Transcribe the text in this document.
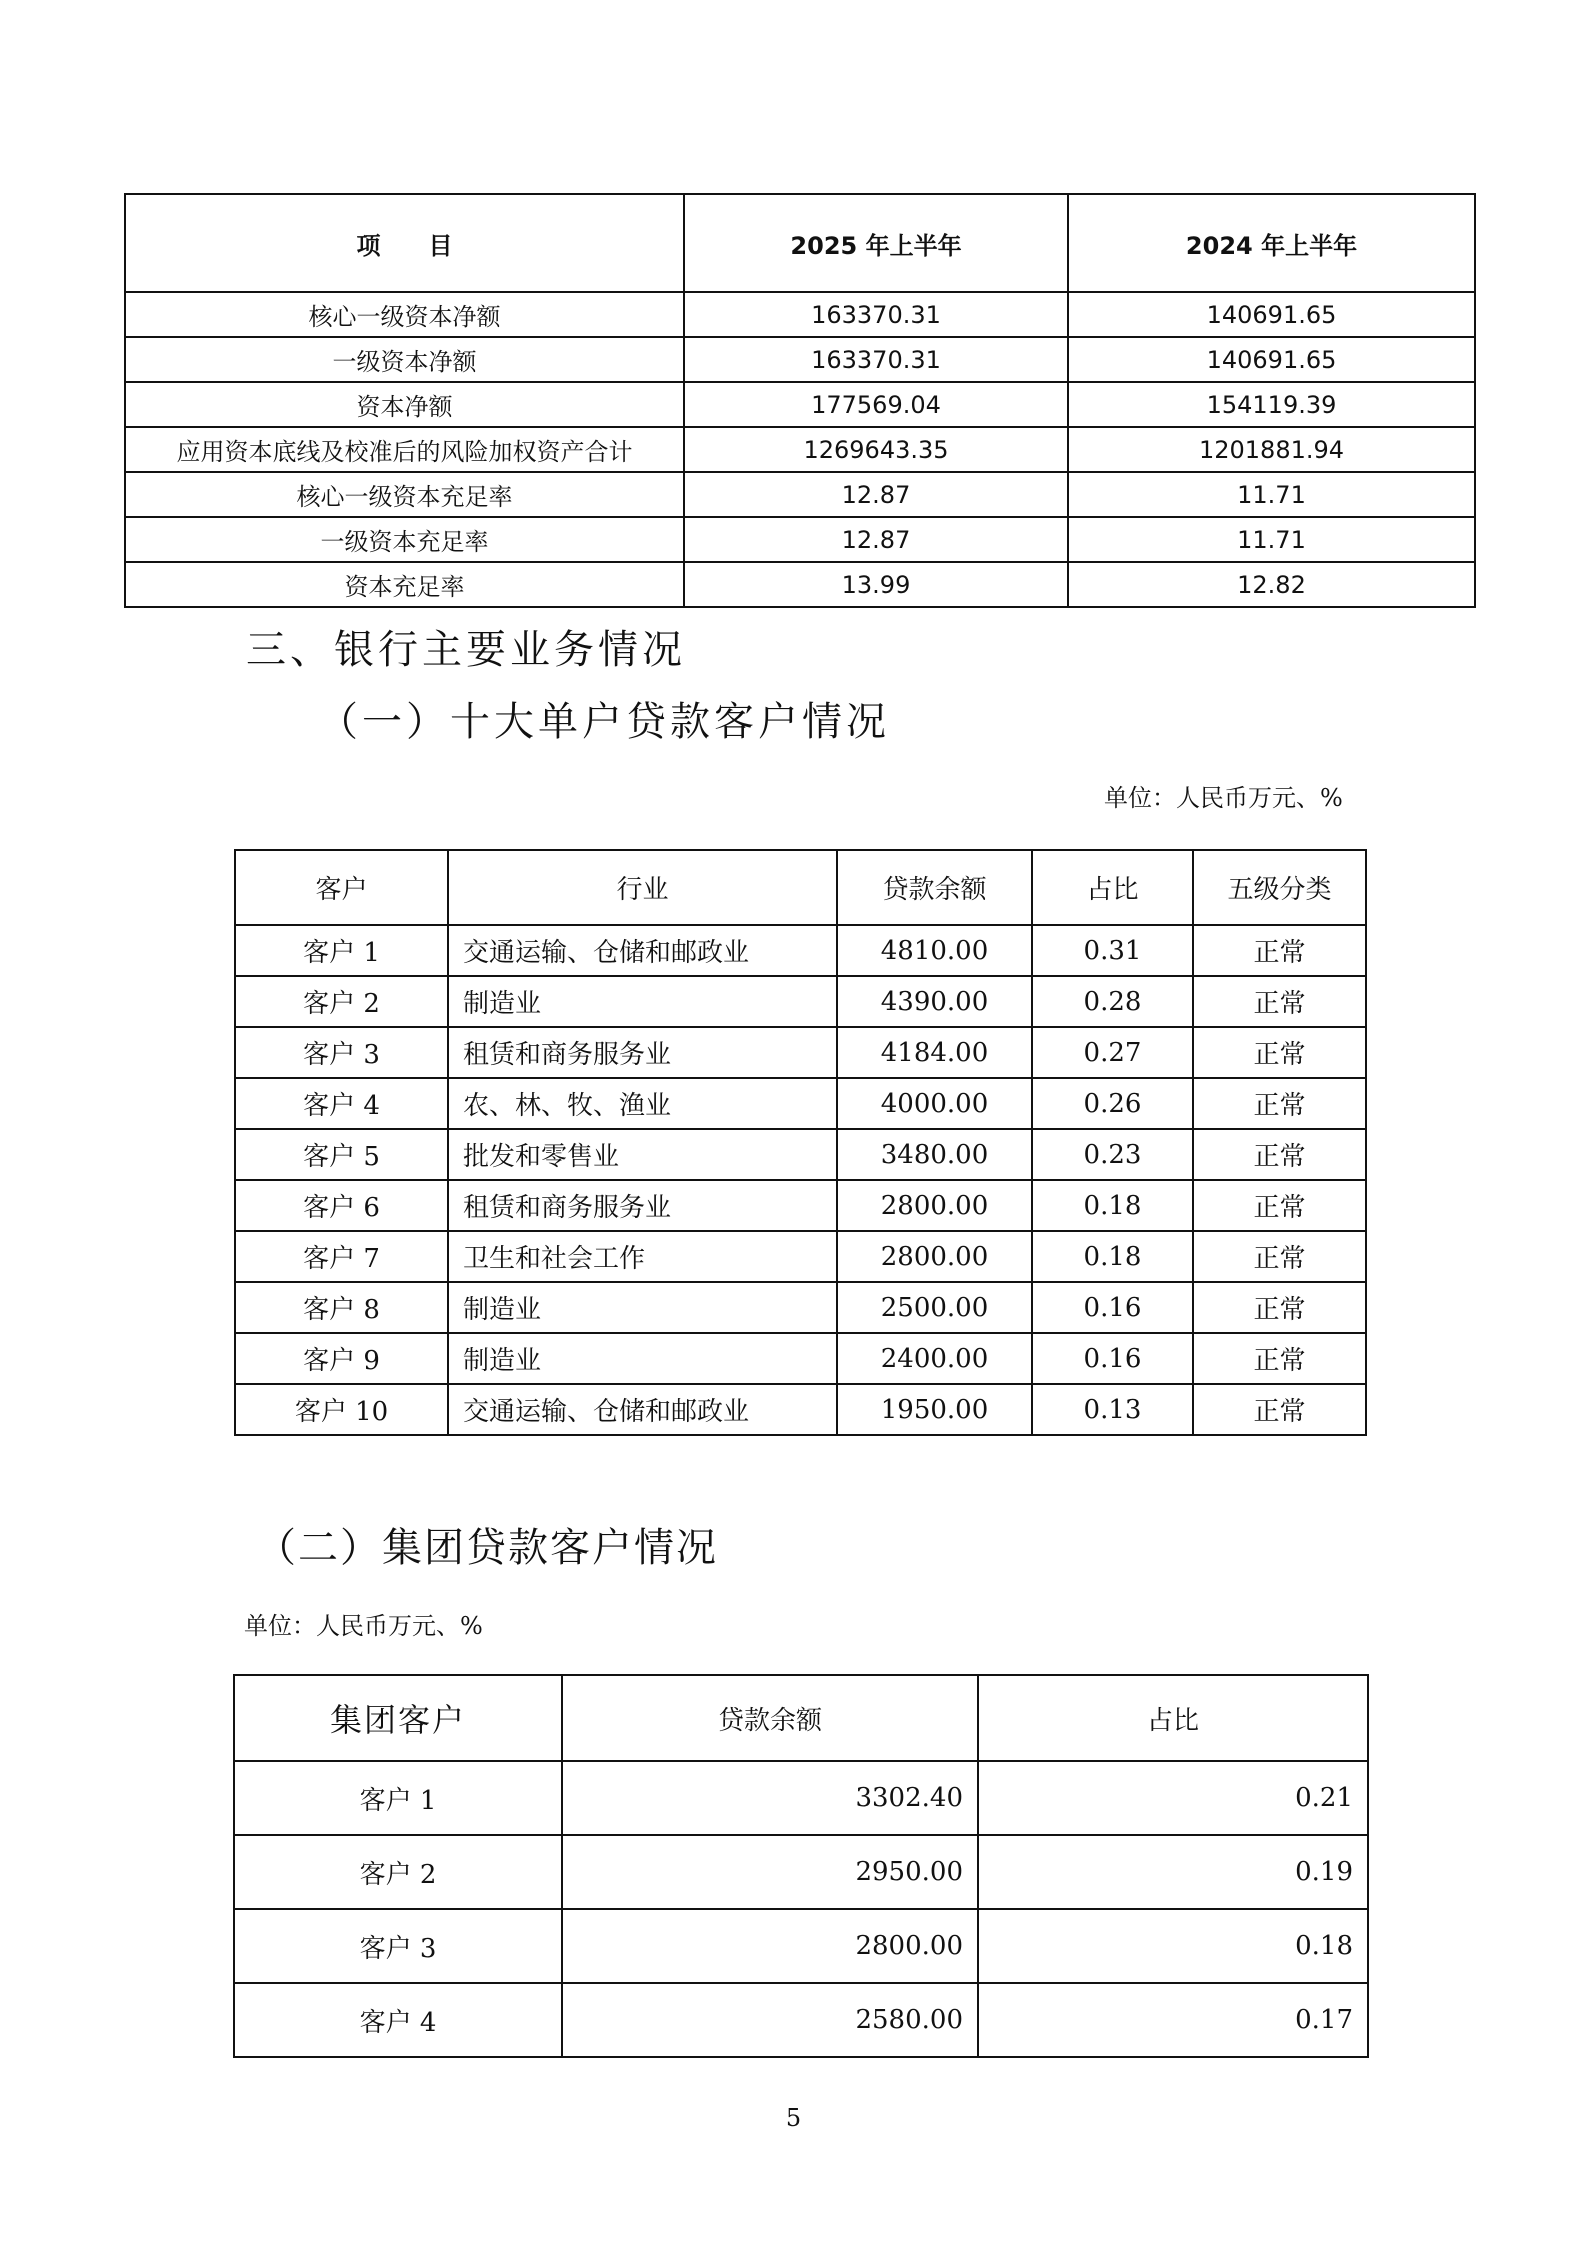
项　　目	2025 年上半年	2024 年上半年
核心一级资本净额	163370.31	140691.65
一级资本净额	163370.31	140691.65
资本净额	177569.04	154119.39
应用资本底线及校准后的风险加权资产合计	1269643.35	1201881.94
核心一级资本充足率	12.87	11.71
一级资本充足率	12.87	11.71
资本充足率	13.99	12.82
三、银行主要业务情况
（一）十大单户贷款客户情况
单位：人民币万元、%
客户	行业	贷款余额	占比	五级分类
客户 1	交通运输、仓储和邮政业	4810.00	0.31	正常
客户 2	制造业	4390.00	0.28	正常
客户 3	租赁和商务服务业	4184.00	0.27	正常
客户 4	农、林、牧、渔业	4000.00	0.26	正常
客户 5	批发和零售业	3480.00	0.23	正常
客户 6	租赁和商务服务业	2800.00	0.18	正常
客户 7	卫生和社会工作	2800.00	0.18	正常
客户 8	制造业	2500.00	0.16	正常
客户 9	制造业	2400.00	0.16	正常
客户 10	交通运输、仓储和邮政业	1950.00	0.13	正常
（二）集团贷款客户情况
单位：人民币万元、%
集团客户	贷款余额	占比
客户 1	3302.40	0.21
客户 2	2950.00	0.19
客户 3	2800.00	0.18
客户 4	2580.00	0.17
5
